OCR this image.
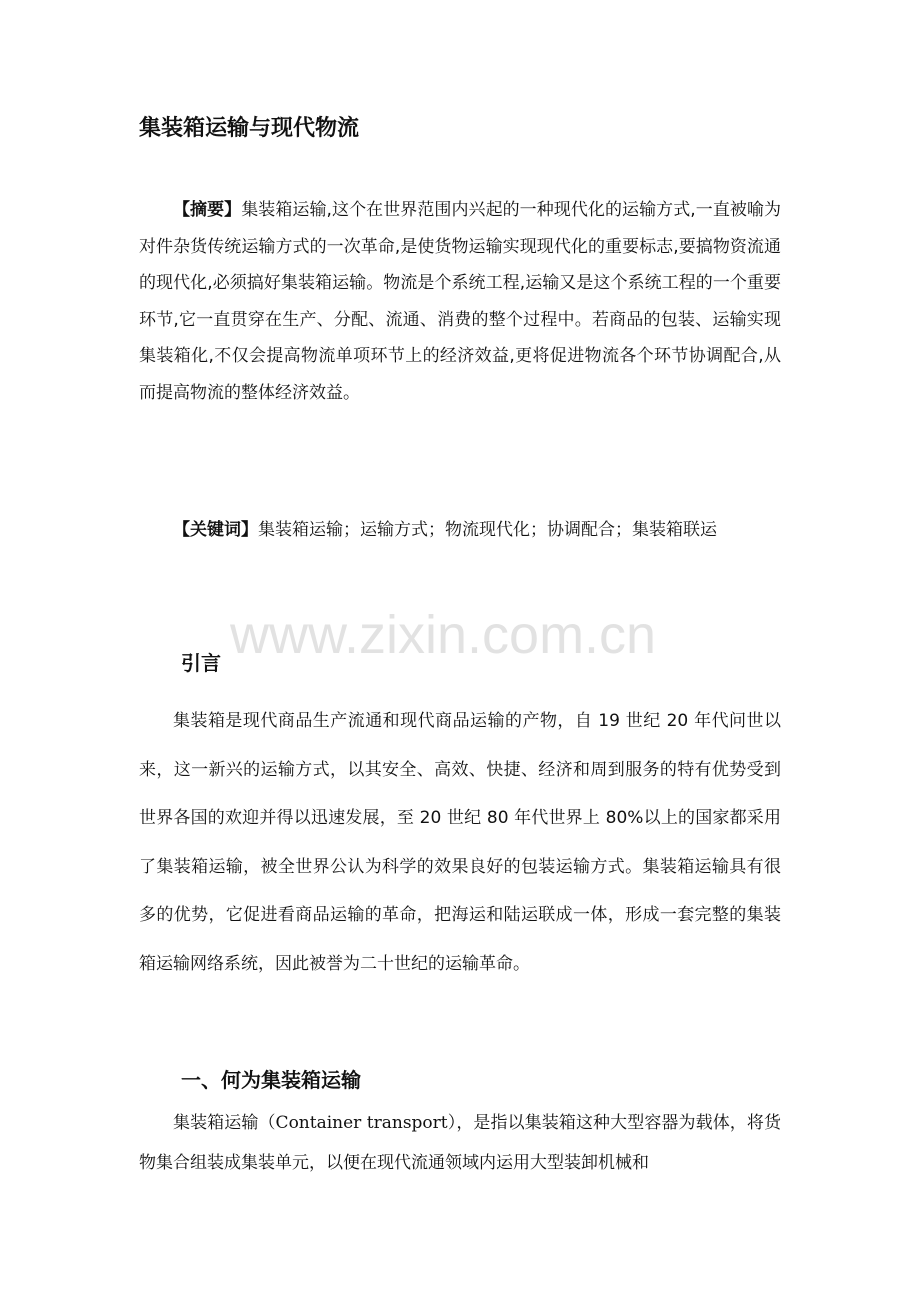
集装箱运输与现代物流

【摘要】集装箱运输,这个在世界范围内兴起的一种现代化的运输方式,一直被喻为对件杂货传统运输方式的一次革命,是使货物运输实现现代化的重要标志,要搞物资流通的现代化,必须搞好集装箱运输。物流是个系统工程,运输又是这个系统工程的一个重要环节,它一直贯穿在生产、分配、流通、消费的整个过程中。若商品的包装、运输实现集装箱化,不仅会提高物流单项环节上的经济效益,更将促进物流各个环节协调配合,从而提高物流的整体经济效益。

【关键词】集装箱运输；运输方式；物流现代化；协调配合；集装箱联运

www.zixin.com.cn
引言

集装箱是现代商品生产流通和现代商品运输的产物，自 19 世纪 20 年代问世以来，这一新兴的运输方式，以其安全、高效、快捷、经济和周到服务的特有优势受到世界各国的欢迎并得以迅速发展，至 20 世纪 80 年代世界上 80%以上的国家都采用了集装箱运输，被全世界公认为科学的效果良好的包装运输方式。集装箱运输具有很多的优势，它促进看商品运输的革命，把海运和陆运联成一体，形成一套完整的集装箱运输网络系统，因此被誉为二十世纪的运输革命。

一、何为集装箱运输

集装箱运输（Container transport），是指以集装箱这种大型容器为载体，将货物集合组装成集装单元，以便在现代流通领域内运用大型装卸机械和
